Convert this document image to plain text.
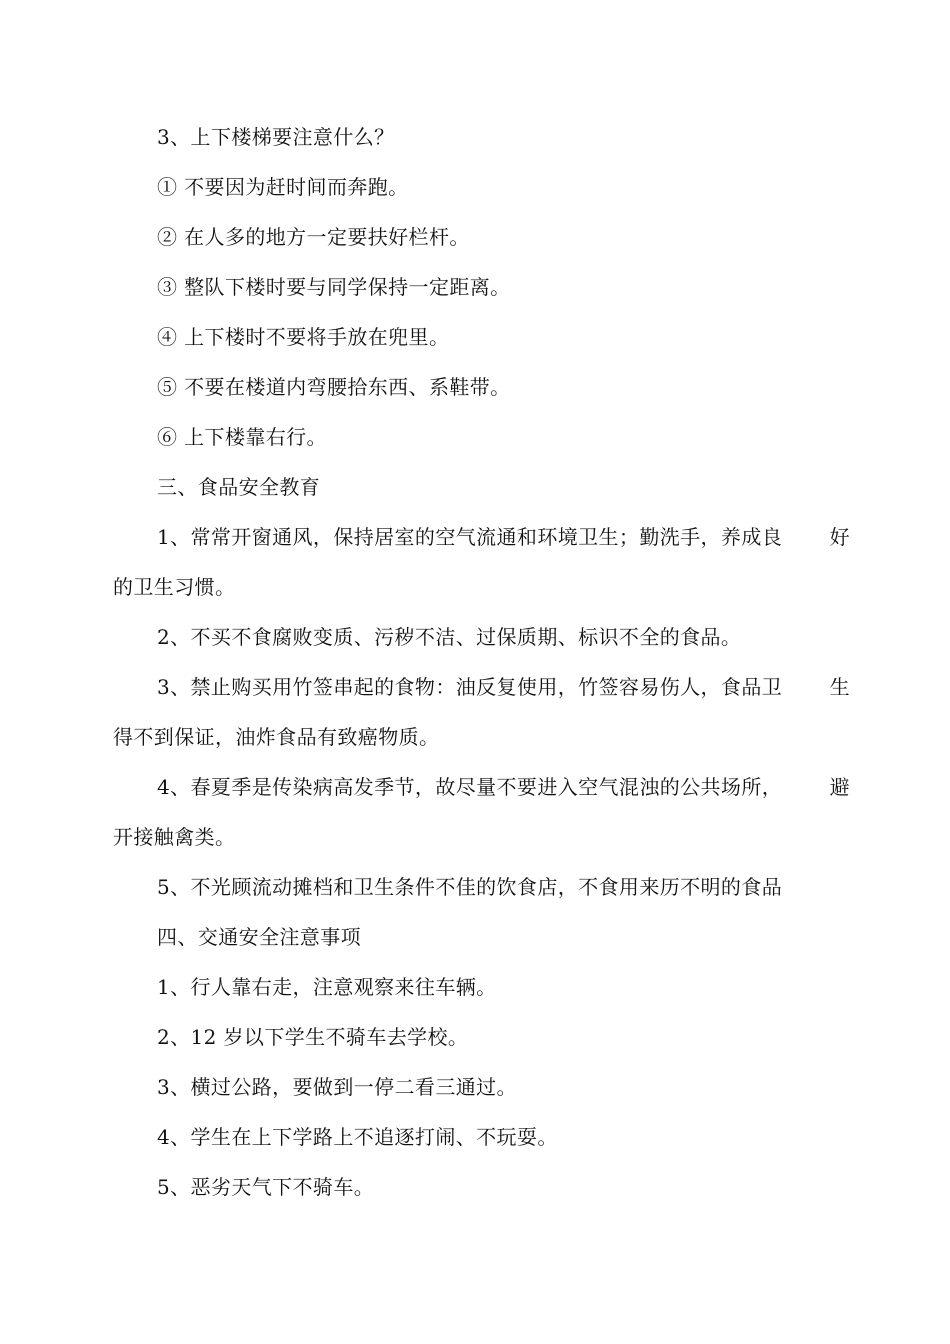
3、上下楼梯要注意什么？

① 不要因为赶时间而奔跑。

② 在人多的地方一定要扶好栏杆。

③ 整队下楼时要与同学保持一定距离。

④ 上下楼时不要将手放在兜里。

⑤ 不要在楼道内弯腰拾东西、系鞋带。

⑥ 上下楼靠右行。

三、食品安全教育

1、常常开窗通风，保持居室的空气流通和环境卫生；勤洗手，养成良 好

的卫生习惯。

2、不买不食腐败变质、污秽不洁、过保质期、标识不全的食品。

3、禁止购买用竹签串起的食物：油反复使用，竹签容易伤人，食品卫 生

得不到保证，油炸食品有致癌物质。

4、春夏季是传染病高发季节，故尽量不要进入空气混浊的公共场所， 避

开接触禽类。

5、不光顾流动摊档和卫生条件不佳的饮食店，不食用来历不明的食品

四、交通安全注意事项

1、行人靠右走，注意观察来往车辆。

2、12 岁以下学生不骑车去学校。

3、横过公路，要做到一停二看三通过。

4、学生在上下学路上不追逐打闹、不玩耍。

5、恶劣天气下不骑车。
